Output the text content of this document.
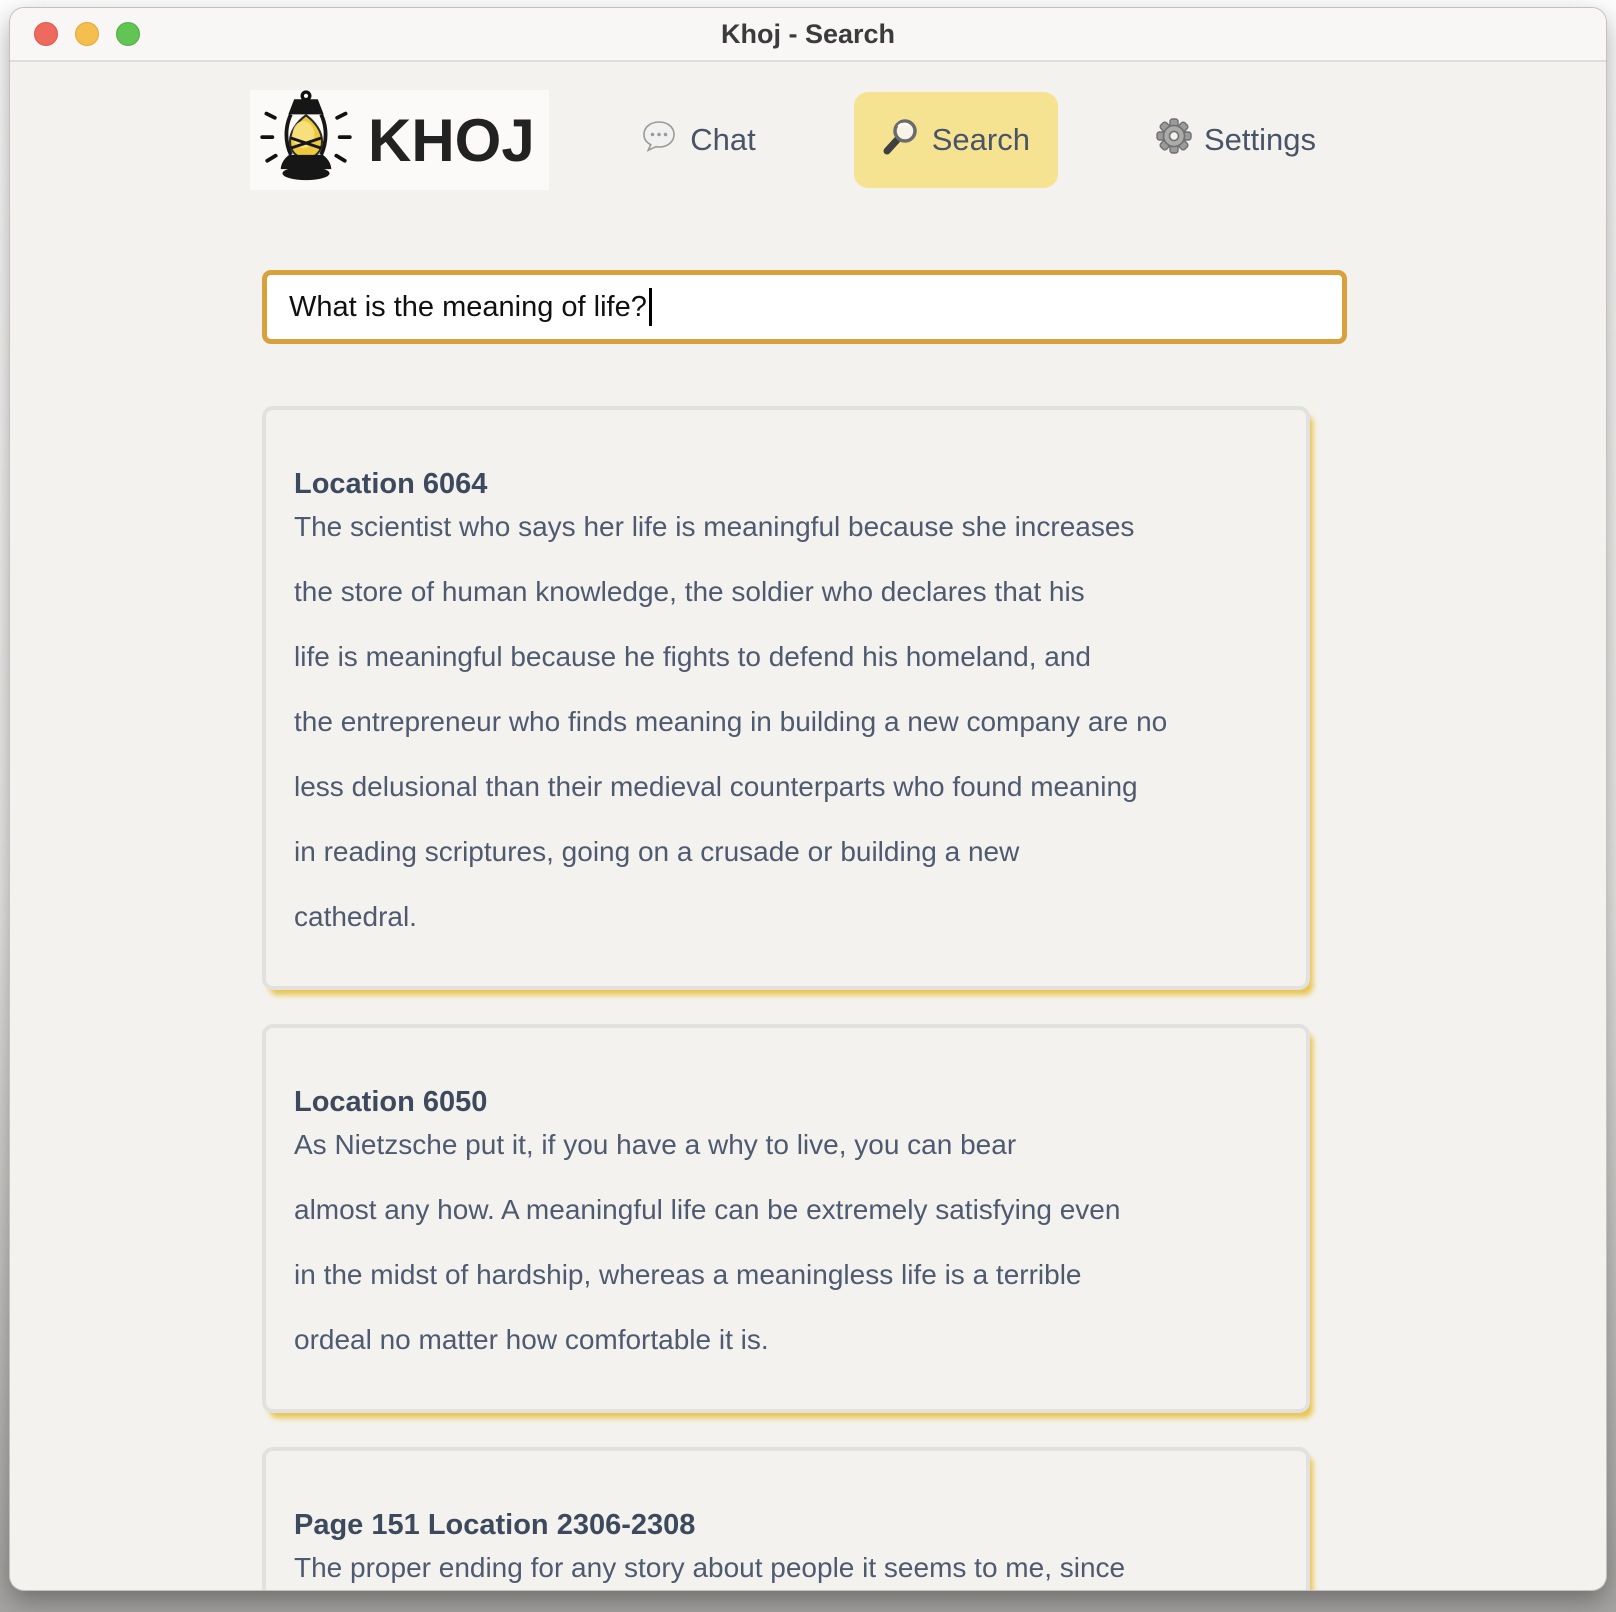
Khoj - Search
KHOJ	Chat	Search	Settings
What is the meaning of life?
Location 6064

The scientist who says her life is meaningful because she increases

the store of human knowledge, the soldier who declares that his

life is meaningful because he fights to defend his homeland, and

the entrepreneur who finds meaning in building a new company are no

less delusional than their medieval counterparts who found meaning

in reading scriptures, going on a crusade or building a new

cathedral.

Location 6050

As Nietzsche put it, if you have a why to live, you can bear

almost any how. A meaningful life can be extremely satisfying even

in the midst of hardship, whereas a meaningless life is a terrible

ordeal no matter how comfortable it is.

Page 151 Location 2306-2308

The proper ending for any story about people it seems to me, since
